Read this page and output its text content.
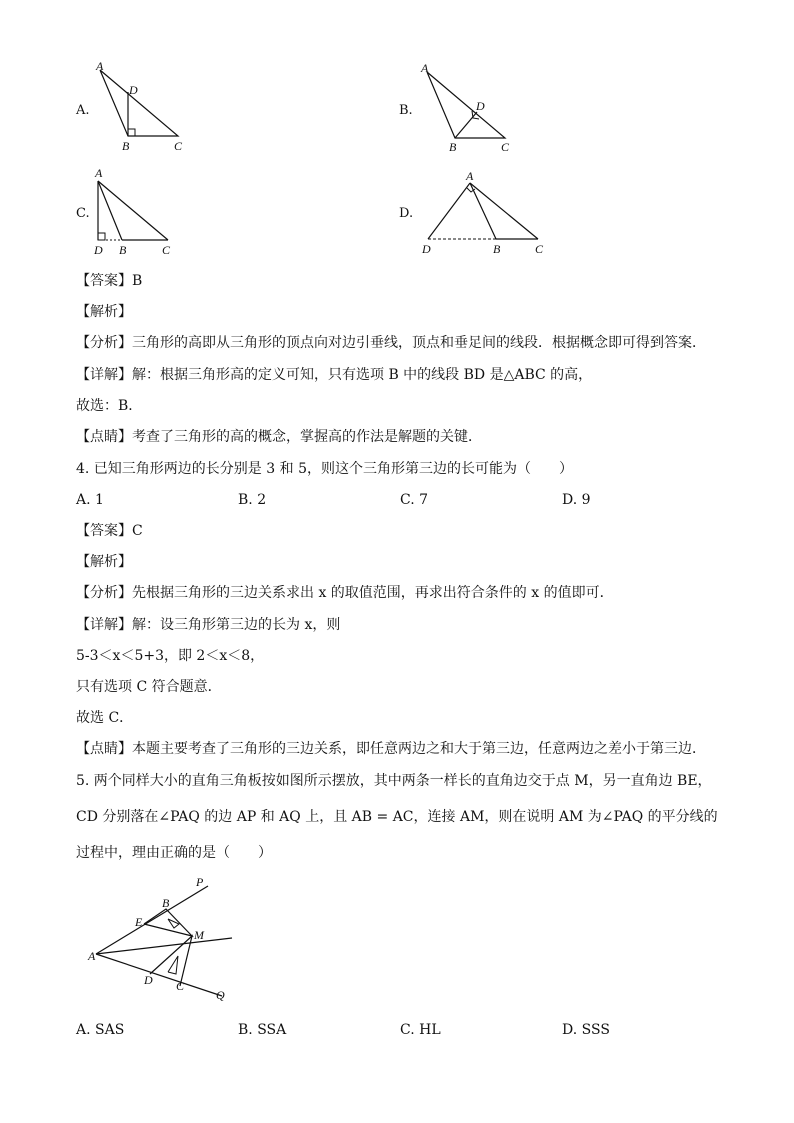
A.
A
D
B	C
B.
A
D
B	C
C.
A
D B	C
D.
A
D	B	C
【答案】B
【解析】
【分析】三角形的高即从三角形的顶点向对边引垂线，顶点和垂足间的线段．根据概念即可得到答案．
【详解】解：根据三角形高的定义可知，只有选项 B 中的线段 BD 是△ABC 的高，
故选：B．
【点睛】考查了三角形的高的概念，掌握高的作法是解题的关键．
4. 已知三角形两边的长分别是 3 和 5，则这个三角形第三边的长可能为（　　）
A. 1	B. 2	C. 7	D. 9
【答案】C
【解析】
【分析】先根据三角形的三边关系求出 x 的取值范围，再求出符合条件的 x 的值即可．
【详解】解：设三角形第三边的长为 x，则
5-3＜x＜5+3，即 2＜x＜8，
只有选项 C 符合题意．
故选 C．
【点睛】本题主要考查了三角形的三边关系，即任意两边之和大于第三边，任意两边之差小于第三边．
5. 两个同样大小的直角三角板按如图所示摆放，其中两条一样长的直角边交于点 M，另一直角边 BE，
CD 分别落在∠PAQ 的边 AP 和 AQ 上，且 AB = AC，连接 AM，则在说明 AM 为∠PAQ 的平分线的
过程中，理由正确的是（　　）
P
B
E
M
A
D C
Q
A. SAS	B. SSA	C. HL	D. SSS
